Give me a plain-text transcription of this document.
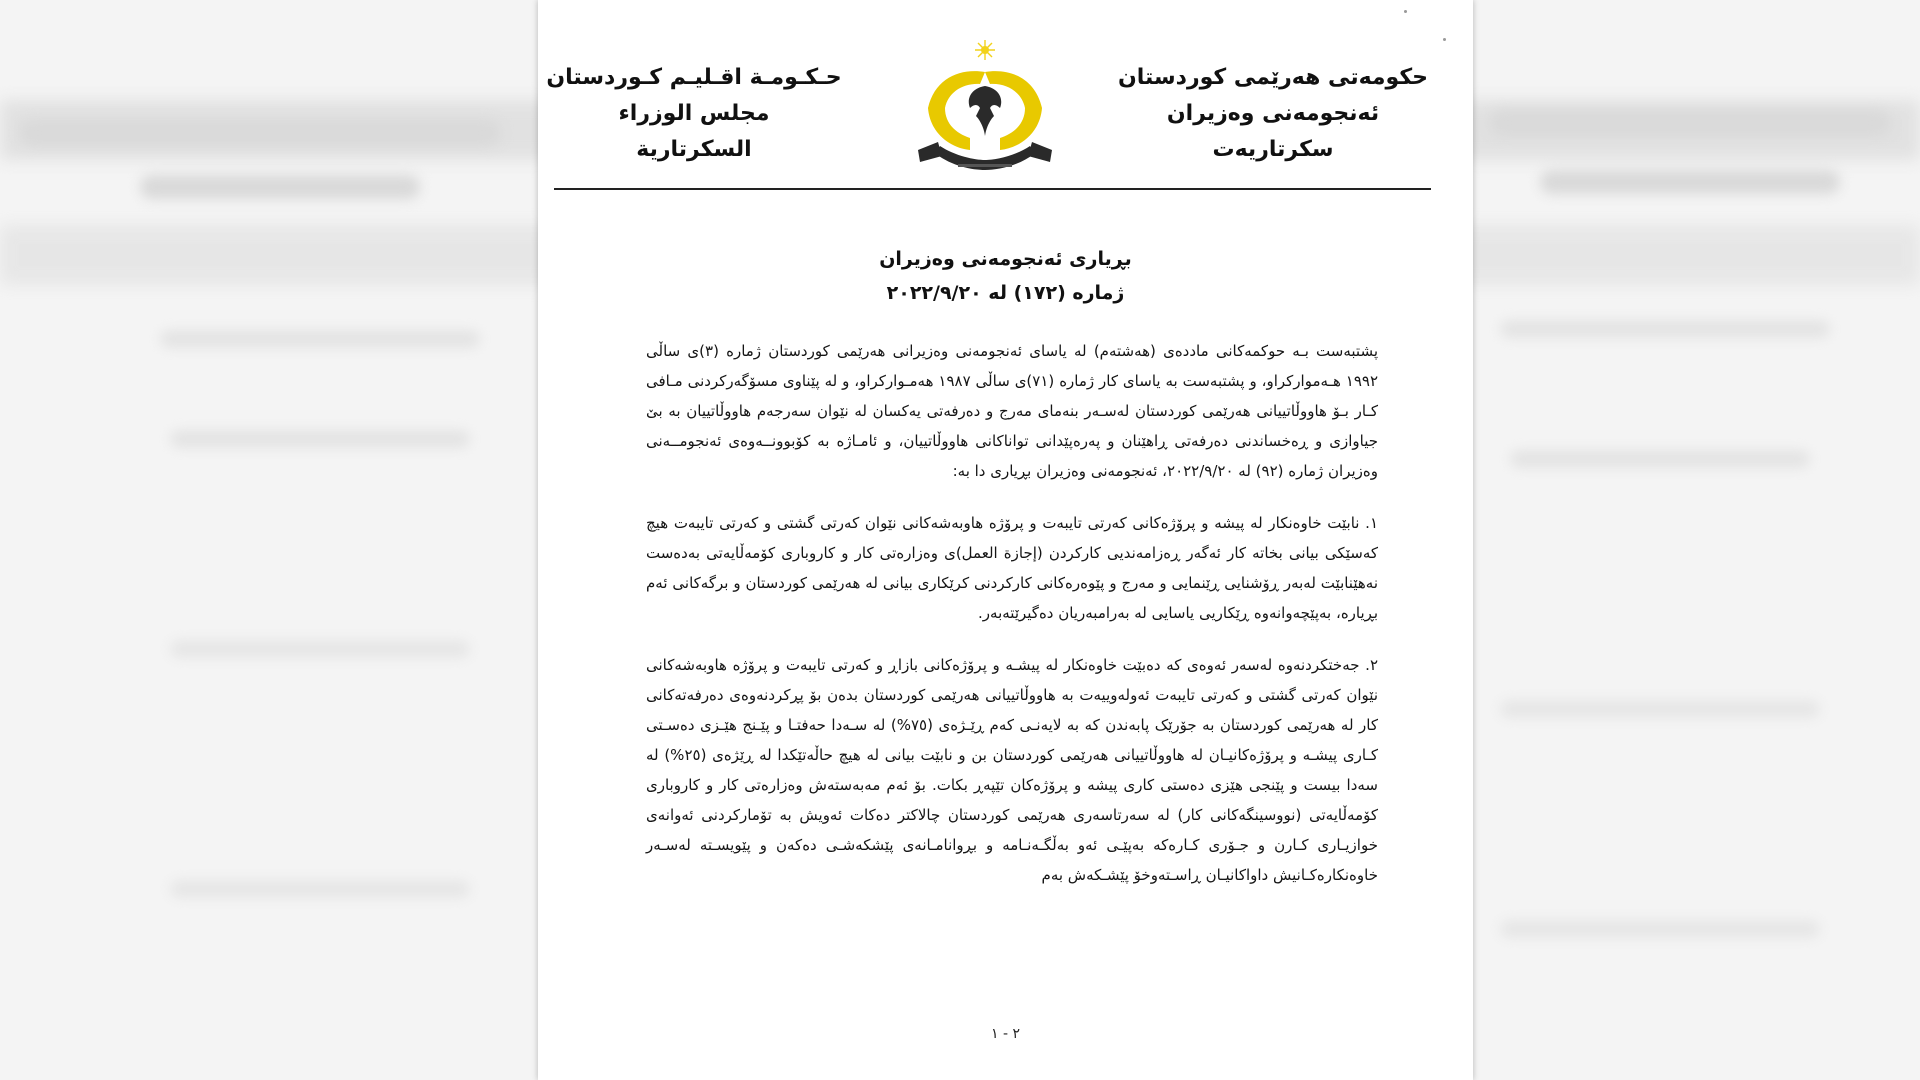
حکومەتی هەرێمی کوردستان
ئەنجومەنی وەزیران
سکرتاریەت
حـكـومـة اقـليـم كـوردستان
مجلس الوزراء
السكرتارية
بڕیاری ئەنجومەنی وەزیران
ژمارە (١٧٢) لە ٢٠٢٢/٩/٢٠

پشتبەست بـە حوکمەکانی ماددەی (هەشتەم) لە یاسای ئەنجومەنی وەزیرانی هەرێمی کوردستان ژمارە (٣)ی ساڵی ١٩٩٢ هـەمواركراو، و پشتبەست بە یاسای كار ژمارە (٧١)ی ساڵی ١٩٨٧ هەمـواركراو، و لە پێناوی مسۆگەرکردنی مـافی كـار بـۆ هاووڵاتییانی هەرێمی كوردستان لەسـەر بنەمای مەرج و دەرفەتی یەکسان لە نێوان سەرجەم هاووڵاتییان بە بێ جیاوازی و ڕەخساندنی دەرفەتی ڕاهێنان و پەرەپێدانی تواناکانی هاووڵاتییان، و ئامـاژە بە کۆبوونــەوەی ئەنجومــەنی وەزیران ژمارە (٩٢) لە ٢٠٢٢/٩/٢٠، ئەنجومەنی وەزیران بڕیاری دا بە:

١. نابێت خاوەنکار لە پیشە و پرۆژەکانی کەرتی تایبەت و پرۆژە هاوبەشەکانی نێوان کەرتی گشتی و کەرتی تایبەت هیچ کەسێکی بیانی بخاتە کار ئەگەر ڕەزامەندیی کارکردن (إجازة العمل)ی وەزارەتی کار و کاروباری کۆمەڵایەتی بەدەست نەهێنابێت لەبەر ڕۆشنایی ڕێنمایی و مەرج و پێوەرەکانی کارکردنی کرێکاری بیانی لە هەرێمی کوردستان و برگەکانی ئەم بڕیارە، بەپێچەوانەوە ڕێکاریی یاسایی لە بەرامبەریان دەگیرێتەبەر.

٢. جەختکردنەوە لەسەر ئەوەی کە دەبێت خاوەنکار لە پیشـە و پرۆژەکانی بازاڕ و کەرتی تایبەت و پرۆژە هاوبەشەکانی نێوان کەرتی گشتی و کەرتی تایبەت ئەولەوییەت بە هاووڵاتییانی هەرێمی کوردستان بدەن بۆ پڕکردنەوەی دەرفەتەکانی کار لە هەرێمی کوردستان بە جۆرێک پابەندن کە بە لایەنـی کەم ڕێـژەی (٧٥%) لە سـەدا حەفتـا و پێـنج هێـزی دەسـتی کـاری پیشـە و پرۆژەکانیـان لە هاووڵاتییانی هەرێمی کوردستان بن و نابێت بیانی لە هیچ حاڵەتێکدا لە ڕێژەی (٢٥%) لە سەدا بیست و پێنجی هێزی دەستی کاری پیشە و پرۆژەکان تێپەڕ بکات. بۆ ئەم مەبەستەش وەزارەتی کار و کاروباری کۆمەڵایەتی (نووسینگەکانی کار) لە سەرتاسەری هەرێمی کوردستان چالاکتر دەکات ئەویش بە تۆمارکردنی ئەوانەی خوازیـاری کـارن و جـۆری کـارەکە بەپێـی ئەو بەڵگـەنـامە و بڕوانامـانەی پێشکەشـی دەکەن و پێویسـتە لەسـەر خاوەنکارەکـانیش داواکانیـان ڕاسـتەوخۆ پێشـکەش بەم

٢ - ١
